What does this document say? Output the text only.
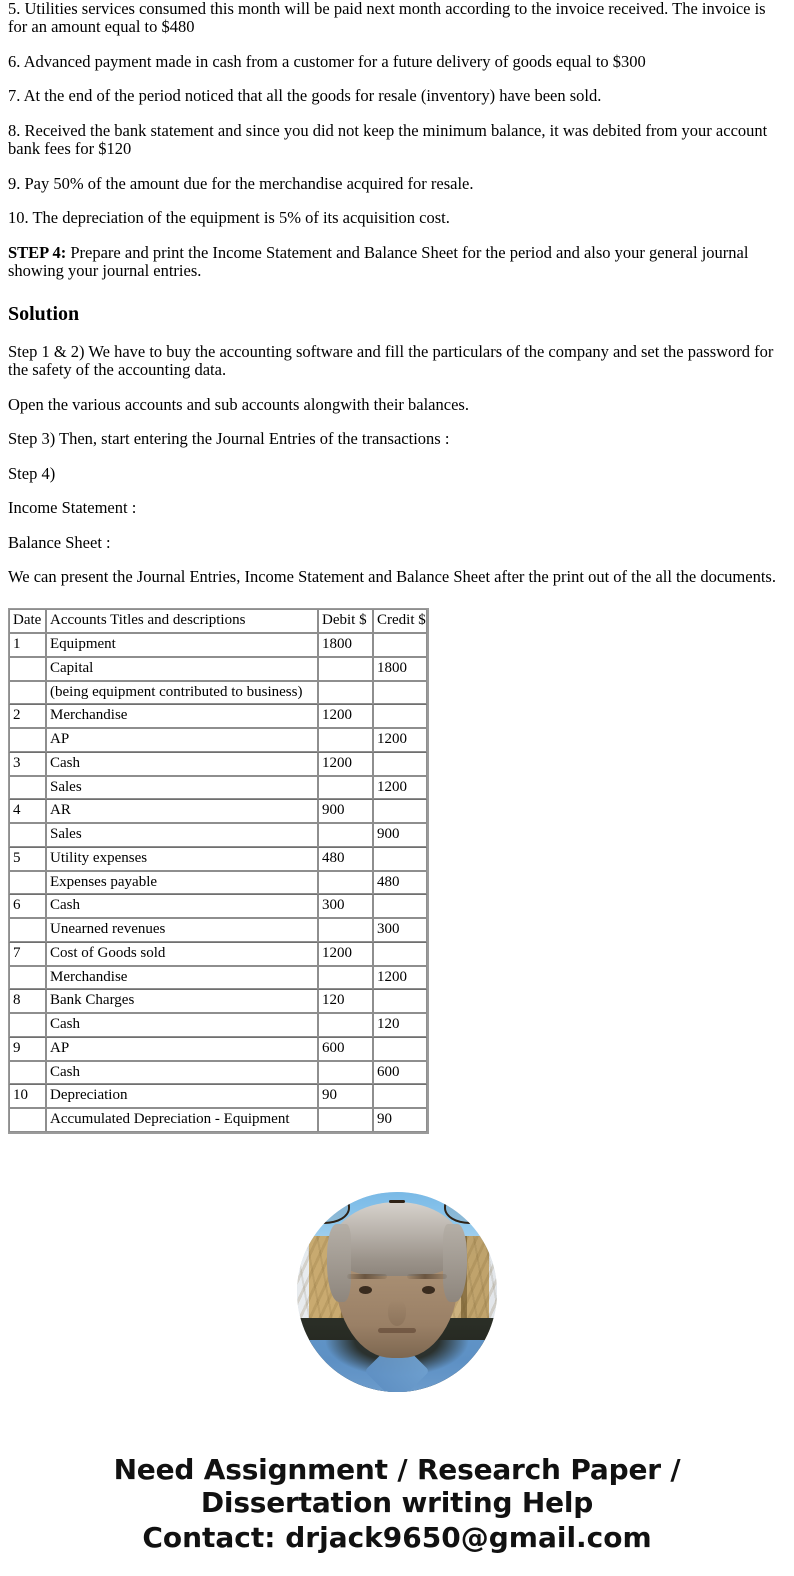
5. Utilities services consumed this month will be paid next month according to the invoice received. The invoice is for an amount equal to $480

6. Advanced payment made in cash from a customer for a future delivery of goods equal to $300

7. At the end of the period noticed that all the goods for resale (inventory) have been sold.

8. Received the bank statement and since you did not keep the minimum balance, it was debited from your account bank fees for $120

9. Pay 50% of the amount due for the merchandise acquired for resale.

10. The depreciation of the equipment is 5% of its acquisition cost.

STEP 4: Prepare and print the Income Statement and Balance Sheet for the period and also your general journal showing your journal entries.

Solution

Step 1 & 2) We have to buy the accounting software and fill the particulars of the company and set the password for the safety of the accounting data.

Open the various accounts and sub accounts alongwith their balances.

Step 3) Then, start entering the Journal Entries of the transactions :

Step 4)

Income Statement :

Balance Sheet :

We can present the Journal Entries, Income Statement and Balance Sheet after the print out of the all the documents.

Date	Accounts Titles and descriptions	Debit $	Credit $
1	Equipment	1800	
	Capital		1800
	(being equipment contributed to business)		
2	Merchandise	1200	
	AP		1200
3	Cash	1200	
	Sales		1200
4	AR	900	
	Sales		900
5	Utility expenses	480	
	Expenses payable		480
6	Cash	300	
	Unearned revenues		300
7	Cost of Goods sold	1200	
	Merchandise		1200
8	Bank Charges	120	
	Cash		120
9	AP	600	
	Cash		600
10	Depreciation	90	
	Accumulated Depreciation - Equipment		90

Need Assignment / Research Paper / Dissertation writing Help

Contact: drjack9650@gmail.com
